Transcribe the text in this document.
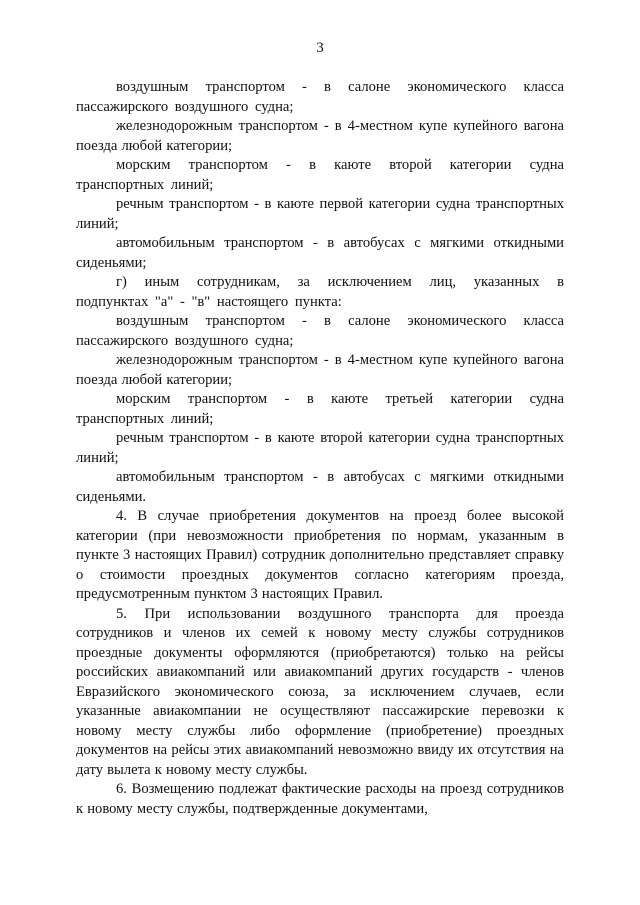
3

воздушным транспортом - в салоне экономического класса пассажирского воздушного судна;

железнодорожным транспортом - в 4-местном купе купейного вагона поезда любой категории;

морским транспортом - в каюте второй категории судна транспортных линий;

речным транспортом - в каюте первой категории судна транспортных линий;

автомобильным транспортом - в автобусах с мягкими откидными сиденьями;

г) иным сотрудникам, за исключением лиц, указанных в подпунктах "а" - "в" настоящего пункта:

воздушным транспортом - в салоне экономического класса пассажирского воздушного судна;

железнодорожным транспортом - в 4-местном купе купейного вагона поезда любой категории;

морским транспортом - в каюте третьей категории судна транспортных линий;

речным транспортом - в каюте второй категории судна транспортных линий;

автомобильным транспортом - в автобусах с мягкими откидными сиденьями.

4. В случае приобретения документов на проезд более высокой категории (при невозможности приобретения по нормам, указанным в пункте 3 настоящих Правил) сотрудник дополнительно представляет справку о стоимости проездных документов согласно категориям проезда, предусмотренным пунктом 3 настоящих Правил.

5. При использовании воздушного транспорта для проезда сотрудников и членов их семей к новому месту службы сотрудников проездные документы оформляются (приобретаются) только на рейсы российских авиакомпаний или авиакомпаний других государств - членов Евразийского экономического союза, за исключением случаев, если указанные авиакомпании не осуществляют пассажирские перевозки к новому месту службы либо оформление (приобретение) проездных документов на рейсы этих авиакомпаний невозможно ввиду их отсутствия на дату вылета к новому месту службы.

6. Возмещению подлежат фактические расходы на проезд сотрудников к новому месту службы, подтвержденные документами,
